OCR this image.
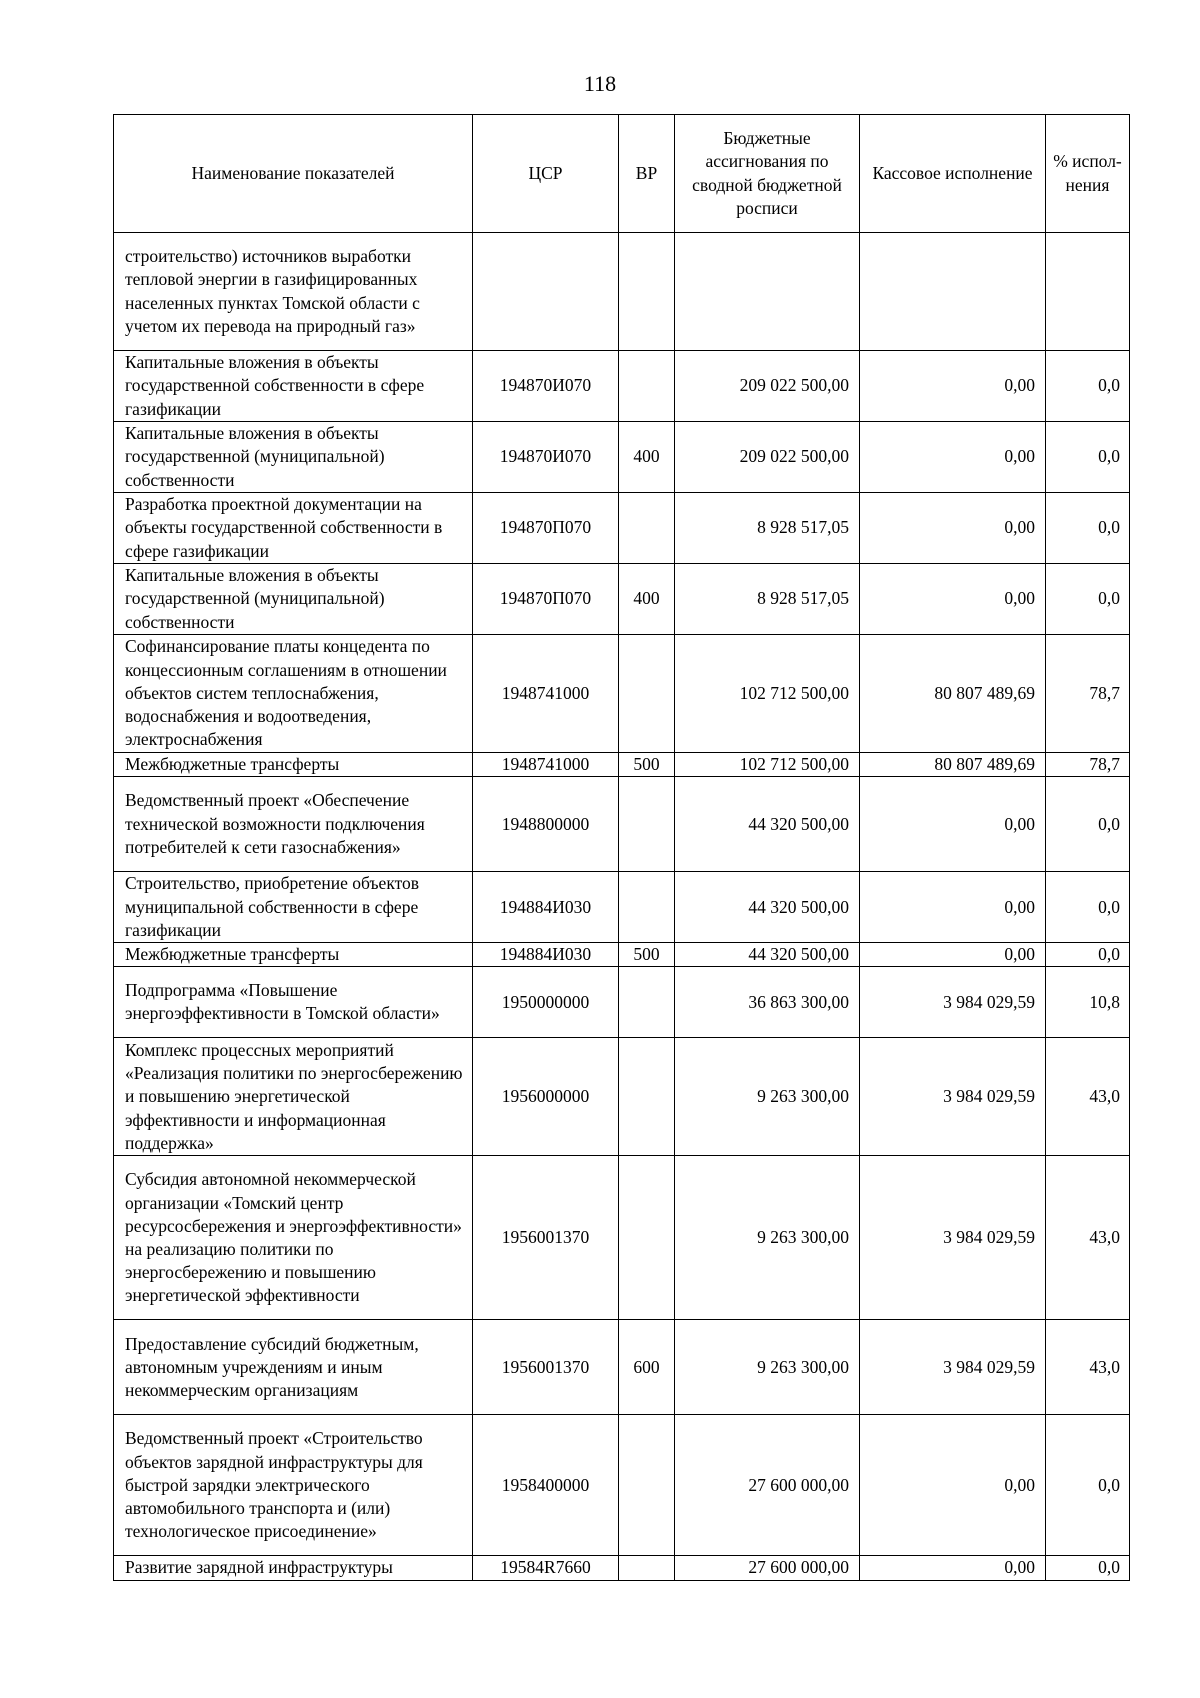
118
Наименование показателей	ЦСР	ВР	Бюджетные ассигнования по сводной бюджетной росписи	Кассовое исполнение	% испол-нения
строительство) источников выработки тепловой энергии в газифицированных населенных пунктах Томской области с учетом их перевода на природный газ»					
Капитальные вложения в объекты государственной собственности в сфере газификации	194870И070		209 022 500,00	0,00	0,0
Капитальные вложения в объекты государственной (муниципальной) собственности	194870И070	400	209 022 500,00	0,00	0,0
Разработка проектной документации на объекты государственной собственности в сфере газификации	194870П070		8 928 517,05	0,00	0,0
Капитальные вложения в объекты государственной (муниципальной) собственности	194870П070	400	8 928 517,05	0,00	0,0
Софинансирование платы концедента по концессионным соглашениям в отношении объектов систем теплоснабжения, водоснабжения и водоотведения, электроснабжения	1948741000		102 712 500,00	80 807 489,69	78,7
Межбюджетные трансферты	1948741000	500	102 712 500,00	80 807 489,69	78,7
Ведомственный проект «Обеспечение технической возможности подключения потребителей к сети газоснабжения»	1948800000		44 320 500,00	0,00	0,0
Строительство, приобретение объектов муниципальной собственности в сфере газификации	194884И030		44 320 500,00	0,00	0,0
Межбюджетные трансферты	194884И030	500	44 320 500,00	0,00	0,0
Подпрограмма «Повышение энергоэффективности в Томской области»	1950000000		36 863 300,00	3 984 029,59	10,8
Комплекс процессных мероприятий «Реализация политики по энергосбережению и повышению энергетической эффективности и информационная поддержка»	1956000000		9 263 300,00	3 984 029,59	43,0
Субсидия автономной некоммерческой организации «Томский центр ресурсосбережения и энергоэффективности» на реализацию политики по энергосбережению и повышению энергетической эффективности	1956001370		9 263 300,00	3 984 029,59	43,0
Предоставление субсидий бюджетным, автономным учреждениям и иным некоммерческим организациям	1956001370	600	9 263 300,00	3 984 029,59	43,0
Ведомственный проект «Строительство объектов зарядной инфраструктуры для быстрой зарядки электрического автомобильного транспорта и (или) технологическое присоединение»	1958400000		27 600 000,00	0,00	0,0
Развитие зарядной инфраструктуры	19584R7660		27 600 000,00	0,00	0,0
